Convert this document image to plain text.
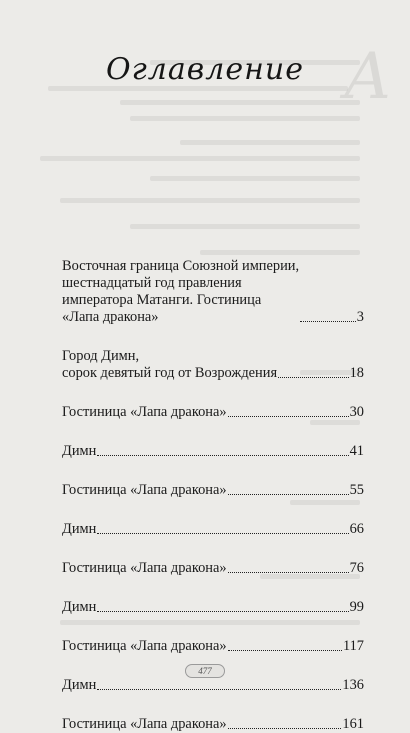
А
Оглавление
Восточная граница Союзной империи,
шестнадцатый год правления
императора Матанги. Гостиница
«Лапа дракона»	3
Город Димн,
сорок девятый год от Возрождения	18
Гостиница «Лапа дракона»	30
Димн	41
Гостиница «Лапа дракона»	55
Димн	66
Гостиница «Лапа дракона»	76
Димн	99
Гостиница «Лапа дракона»	117
Димн	136
Гостиница «Лапа дракона»	161
477
